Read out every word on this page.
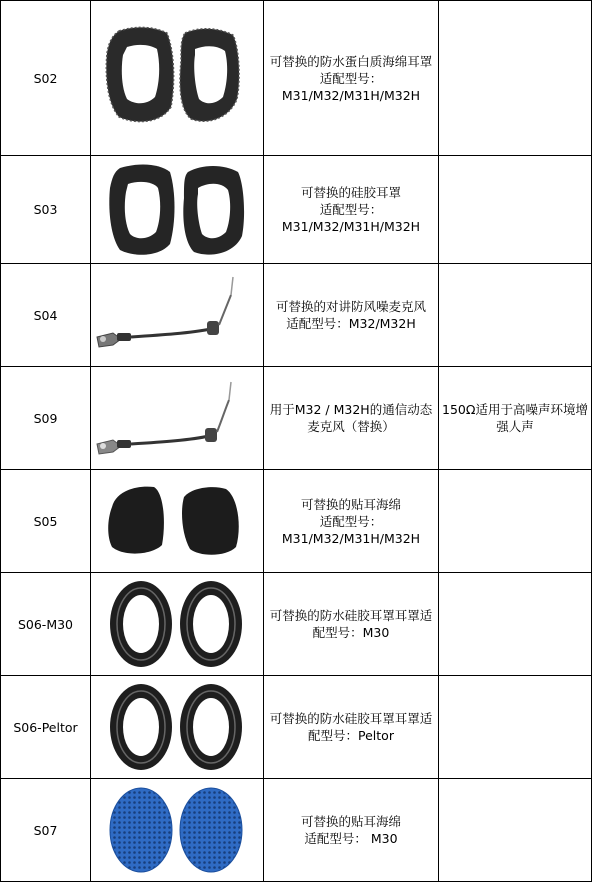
S02		可替换的防水蛋白质海绵耳罩
适配型号：
M31/M32/M31H/M32H	

S03		可替换的硅胶耳罩
适配型号：
M31/M32/M31H/M32H	

S04		可替换的对讲防风噪麦克风
适配型号：M32/M32H	

S09		用于M32 / M32H的通信动态
麦克风（替换）	150Ω适用于高噪声环境增强人声
S05		可替换的贴耳海绵
适配型号：
M31/M32/M31H/M32H	

S06-M30		可替换的防水硅胶耳罩耳罩适
配型号：M30	

S06-Peltor		可替换的防水硅胶耳罩耳罩适
配型号：Peltor	

S07		可替换的贴耳海绵
适配型号： M30	
